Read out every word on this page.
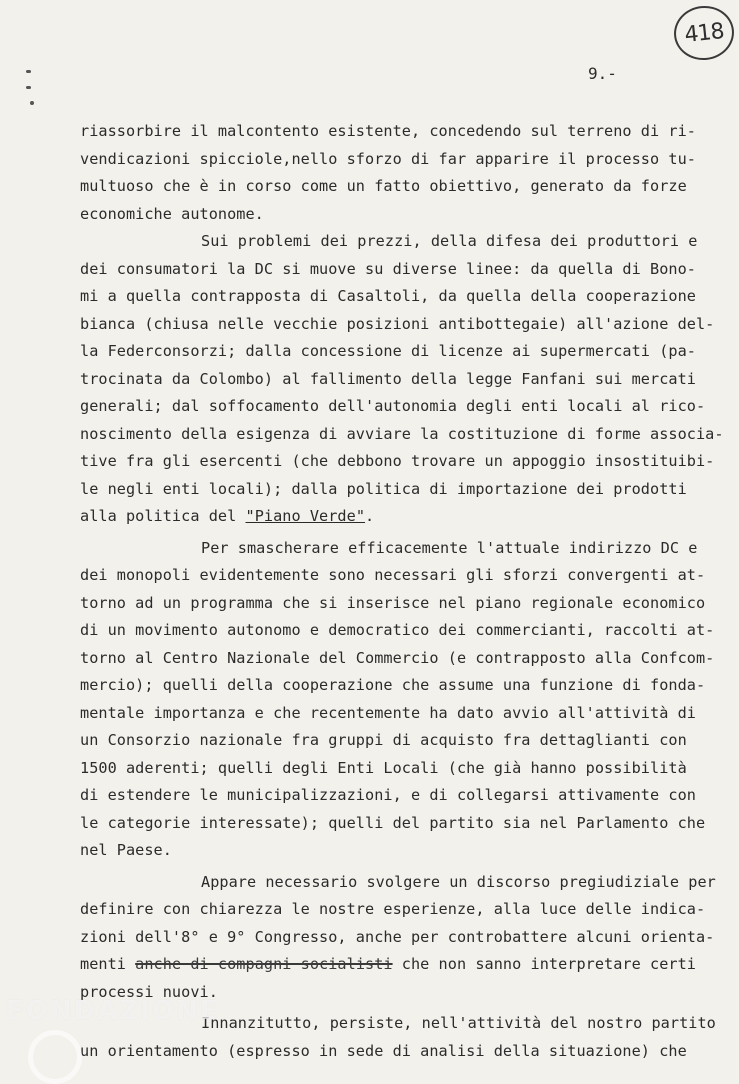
418
9.-
riassorbire il malcontento esistente, concedendo sul terreno di ri-
vendicazioni spicciole,nello sforzo di far apparire il processo tu-
multuoso che è in corso come un fatto obiettivo, generato da forze
economiche autonome.
Sui problemi dei prezzi, della difesa dei produttori e
dei consumatori la DC si muove su diverse linee: da quella di Bono-
mi a quella contrapposta di Casaltoli, da quella della cooperazione
bianca (chiusa nelle vecchie posizioni antibottegaie) all'azione del-
la Federconsorzi; dalla concessione di licenze ai supermercati (pa-
trocinata da Colombo) al fallimento della legge Fanfani sui mercati
generali; dal soffocamento dell'autonomia degli enti locali al rico-
noscimento della esigenza di avviare la costituzione di forme associa-
tive fra gli esercenti (che debbono trovare un appoggio insostituibi-
le negli enti locali); dalla politica di importazione dei prodotti
alla politica del "Piano Verde".
Per smascherare efficacemente l'attuale indirizzo DC e
dei monopoli evidentemente sono necessari gli sforzi convergenti at-
torno ad un programma che si inserisce nel piano regionale economico
di un movimento autonomo e democratico dei commercianti, raccolti at-
torno al Centro Nazionale del Commercio (e contrapposto alla Confcom-
mercio); quelli della cooperazione che assume una funzione di fonda-
mentale importanza e che recentemente ha dato avvio all'attività di
un Consorzio nazionale fra gruppi di acquisto fra dettaglianti con
1500 aderenti; quelli degli Enti Locali (che già hanno possibilità
di estendere le municipalizzazioni, e di collegarsi attivamente con
le categorie interessate); quelli del partito sia nel Parlamento che
nel Paese.
Appare necessario svolgere un discorso pregiudiziale per
definire con chiarezza le nostre esperienze, alla luce delle indica-
zioni dell'8° e 9° Congresso, anche per controbattere alcuni orienta-
menti anche di compagni socialisti che non sanno interpretare certi
processi nuovi.
Innanzitutto, persiste, nell'attività del nostro partito
un orientamento (espresso in sede di analisi della situazione) che
FONDAZIONE
